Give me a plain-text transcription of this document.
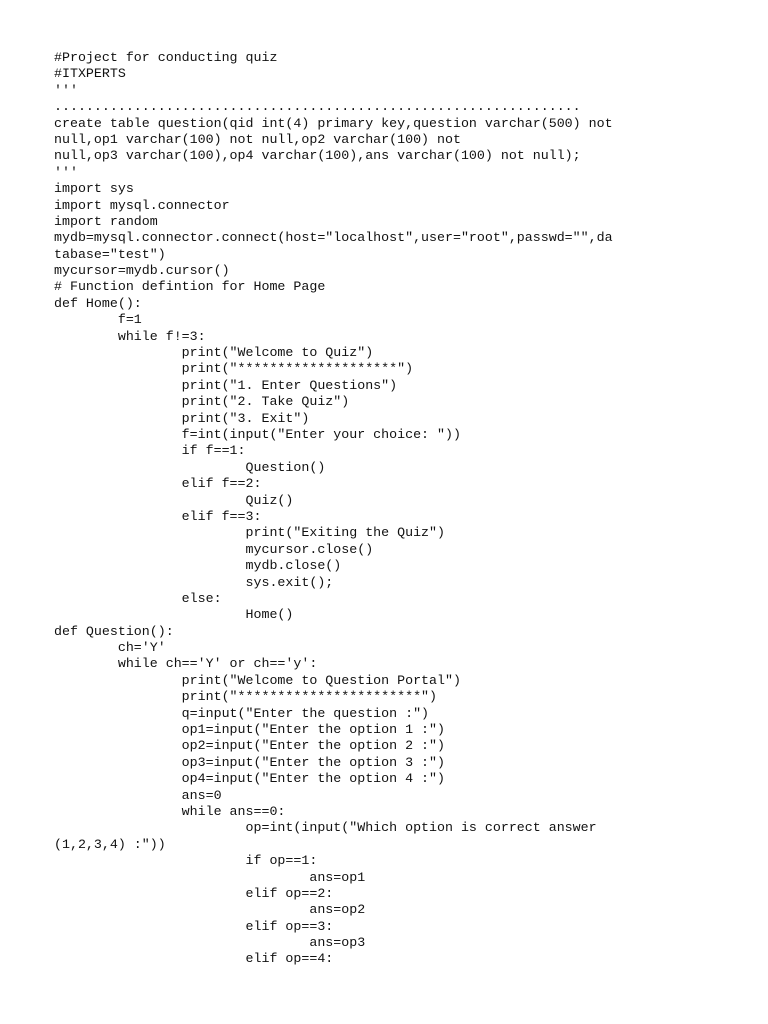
#Project for conducting quiz
#ITXPERTS
'''
..................................................................
create table question(qid int(4) primary key,question varchar(500) not
null,op1 varchar(100) not null,op2 varchar(100) not
null,op3 varchar(100),op4 varchar(100),ans varchar(100) not null);
'''
import sys
import mysql.connector
import random
mydb=mysql.connector.connect(host="localhost",user="root",passwd="",da
tabase="test")
mycursor=mydb.cursor()
# Function defintion for Home Page
def Home():
f=1
while f!=3:
print("Welcome to Quiz")
print("********************")
print("1. Enter Questions")
print("2. Take Quiz")
print("3. Exit")
f=int(input("Enter your choice: "))
if f==1:
Question()
elif f==2:
Quiz()
elif f==3:
print("Exiting the Quiz")
mycursor.close()
mydb.close()
sys.exit();
else:
Home()
def Question():
ch='Y'
while ch=='Y' or ch=='y':
print("Welcome to Question Portal")
print("***********************")
q=input("Enter the question :")
op1=input("Enter the option 1 :")
op2=input("Enter the option 2 :")
op3=input("Enter the option 3 :")
op4=input("Enter the option 4 :")
ans=0
while ans==0:
op=int(input("Which option is correct answer
(1,2,3,4) :"))
if op==1:
ans=op1
elif op==2:
ans=op2
elif op==3:
ans=op3
elif op==4:
